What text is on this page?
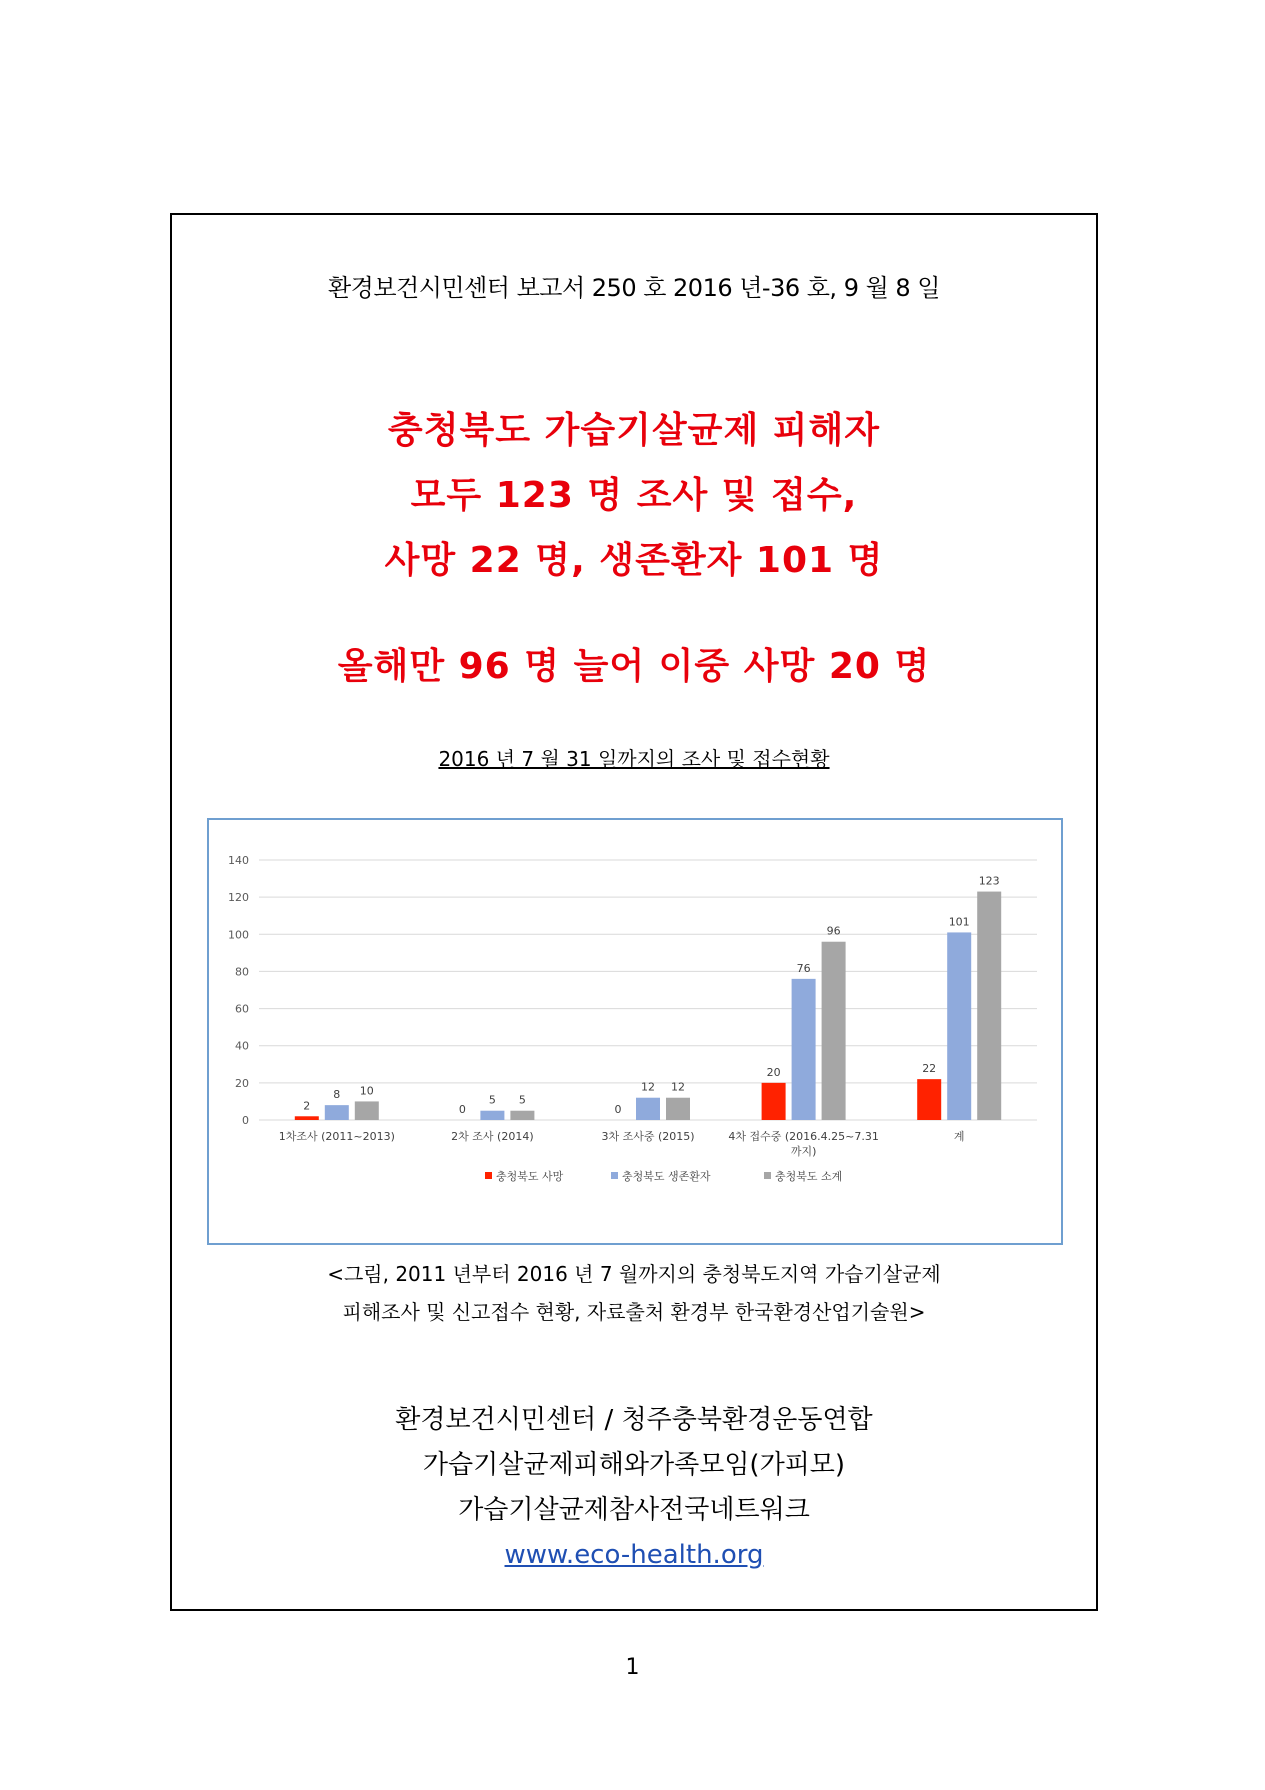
환경보건시민센터 보고서 250 호 2016 년-36 호, 9 월 8 일
충청북도 가습기살균제 피해자
모두 123 명 조사 및 접수,
사망 22 명, 생존환자 101 명
올해만 96 명 늘어 이중 사망 20 명
2016 년 7 월 31 일까지의 조사 및 접수현황
0
20
40
60
80
100
120
140
2
8 10
1차조사 (2011~2013)
0
5 5
2차 조사 (2014)
0
12 12
3차 조사중 (2015)
20
76
96
4차 접수중 (2016.4.25~7.31
까지)
22
101
123
계
충청북도 사망	충청북도 생존환자	충청북도 소계
<그림, 2011 년부터 2016 년 7 월까지의 충청북도지역 가습기살균제
피해조사 및 신고접수 현황, 자료출처 환경부 한국환경산업기술원>
환경보건시민센터 / 청주충북환경운동연합
가습기살균제피해와가족모임(가피모)
가습기살균제참사전국네트워크
www.eco-health.org
1
